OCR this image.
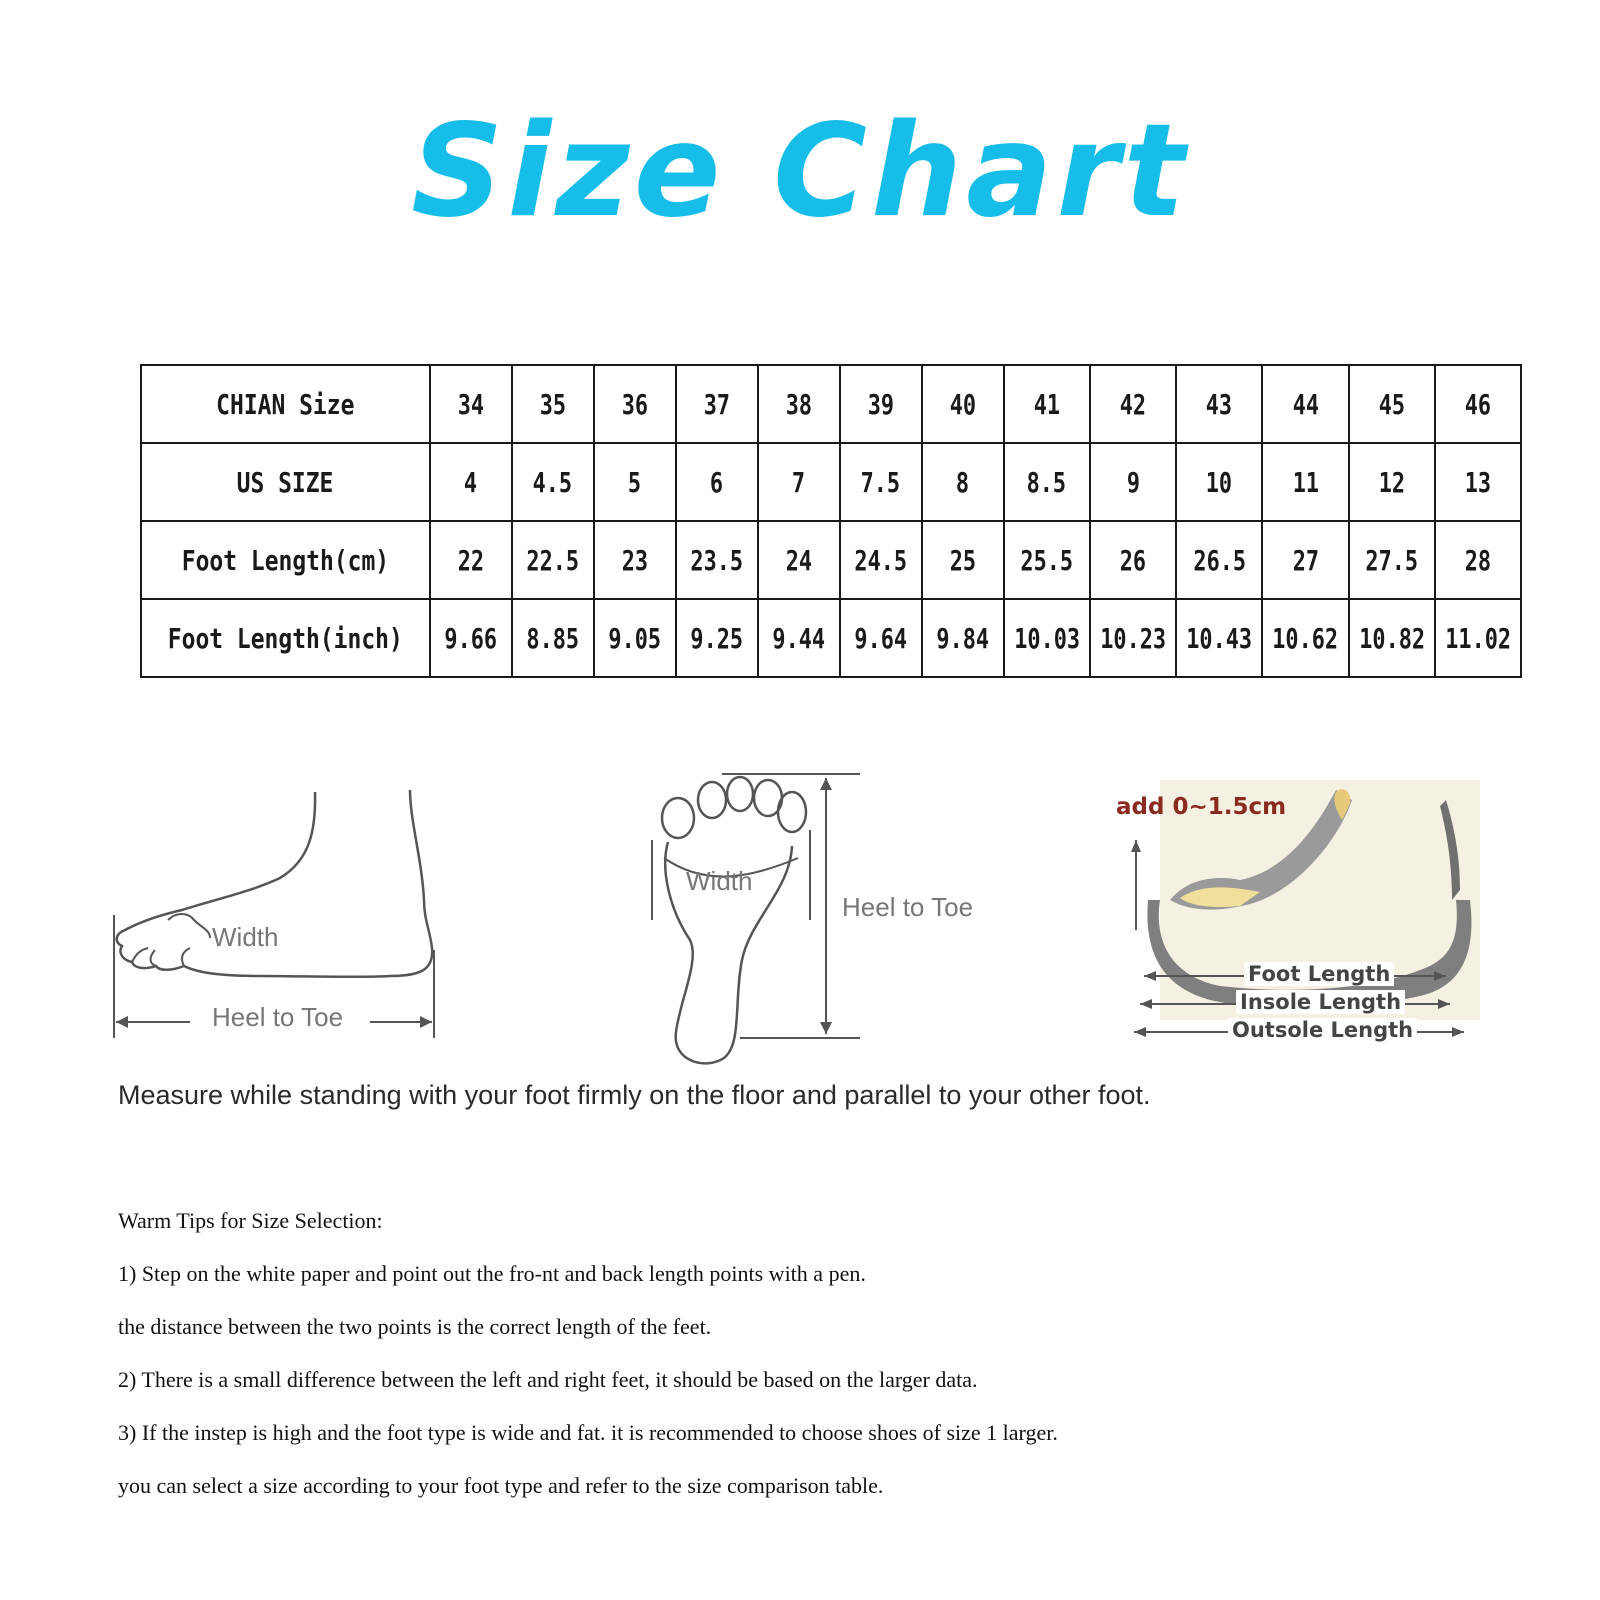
Size Chart
CHIAN Size	34	35	36	37	38	39	40	41	42	43	44	45	46
US SIZE	4	4.5	5	6	7	7.5	8	8.5	9	10	11	12	13
Foot Length(cm)	22	22.5	23	23.5	24	24.5	25	25.5	26	26.5	27	27.5	28
Foot Length(inch)	9.66	8.85	9.05	9.25	9.44	9.64	9.84	10.03	10.23	10.43	10.62	10.82	11.02
Width
Heel to Toe
Width
Heel to Toe
add 0~1.5cm
Foot Length
Insole Length
Outsole Length
Measure while standing with your foot firmly on the floor and parallel to your other foot.

Warm Tips for Size Selection:

1) Step on the white paper and point out the fro-nt and back length points with a pen.

the distance between the two points is the correct length of the feet.

2) There is a small difference between the left and right feet, it should be based on the larger data.

3) If the instep is high and the foot type is wide and fat. it is recommended to choose shoes of size 1 larger.

you can select a size according to your foot type and refer to the size comparison table.
